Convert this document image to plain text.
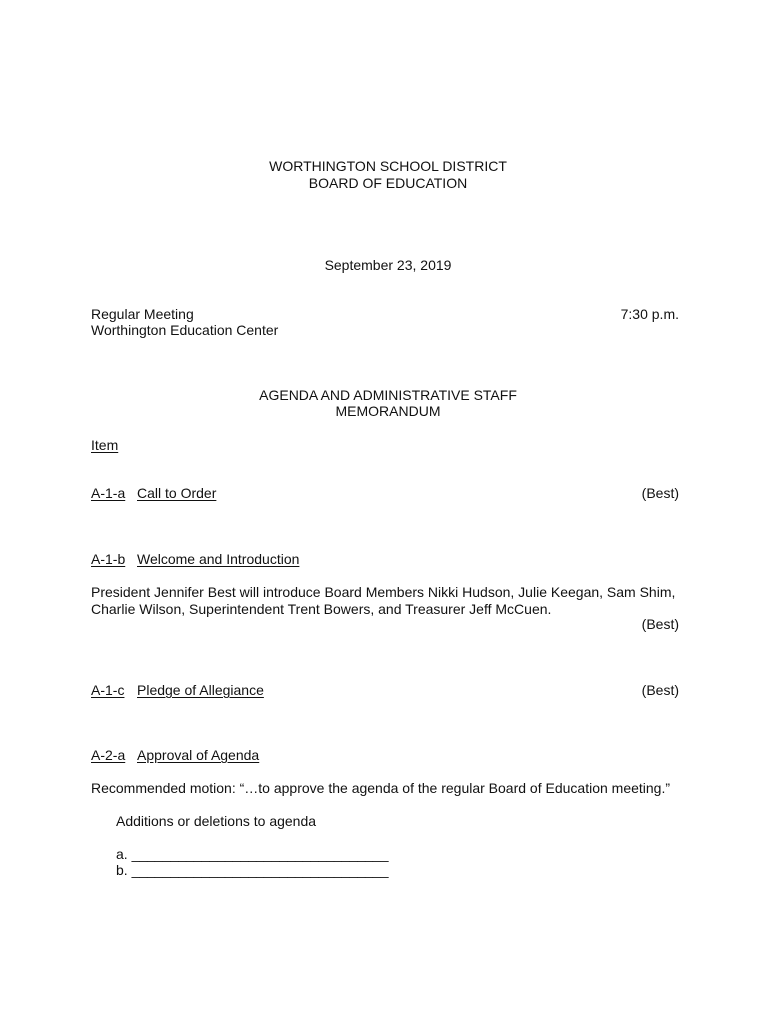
WORTHINGTON SCHOOL DISTRICT
BOARD OF EDUCATION
September 23, 2019
Regular Meeting	7:30 p.m.
Worthington Education Center
AGENDA AND ADMINISTRATIVE STAFF
MEMORANDUM
Item
A-1-a Call to Order	(Best)
A-1-b Welcome and Introduction
President Jennifer Best will introduce Board Members Nikki Hudson, Julie Keegan, Sam Shim,
Charlie Wilson, Superintendent Trent Bowers, and Treasurer Jeff McCuen.
(Best)
A-1-c Pledge of Allegiance	(Best)
A-2-a Approval of Agenda
Recommended motion: “…to approve the agenda of the regular Board of Education meeting.”
Additions or deletions to agenda
a. _________________________________
b. _________________________________
